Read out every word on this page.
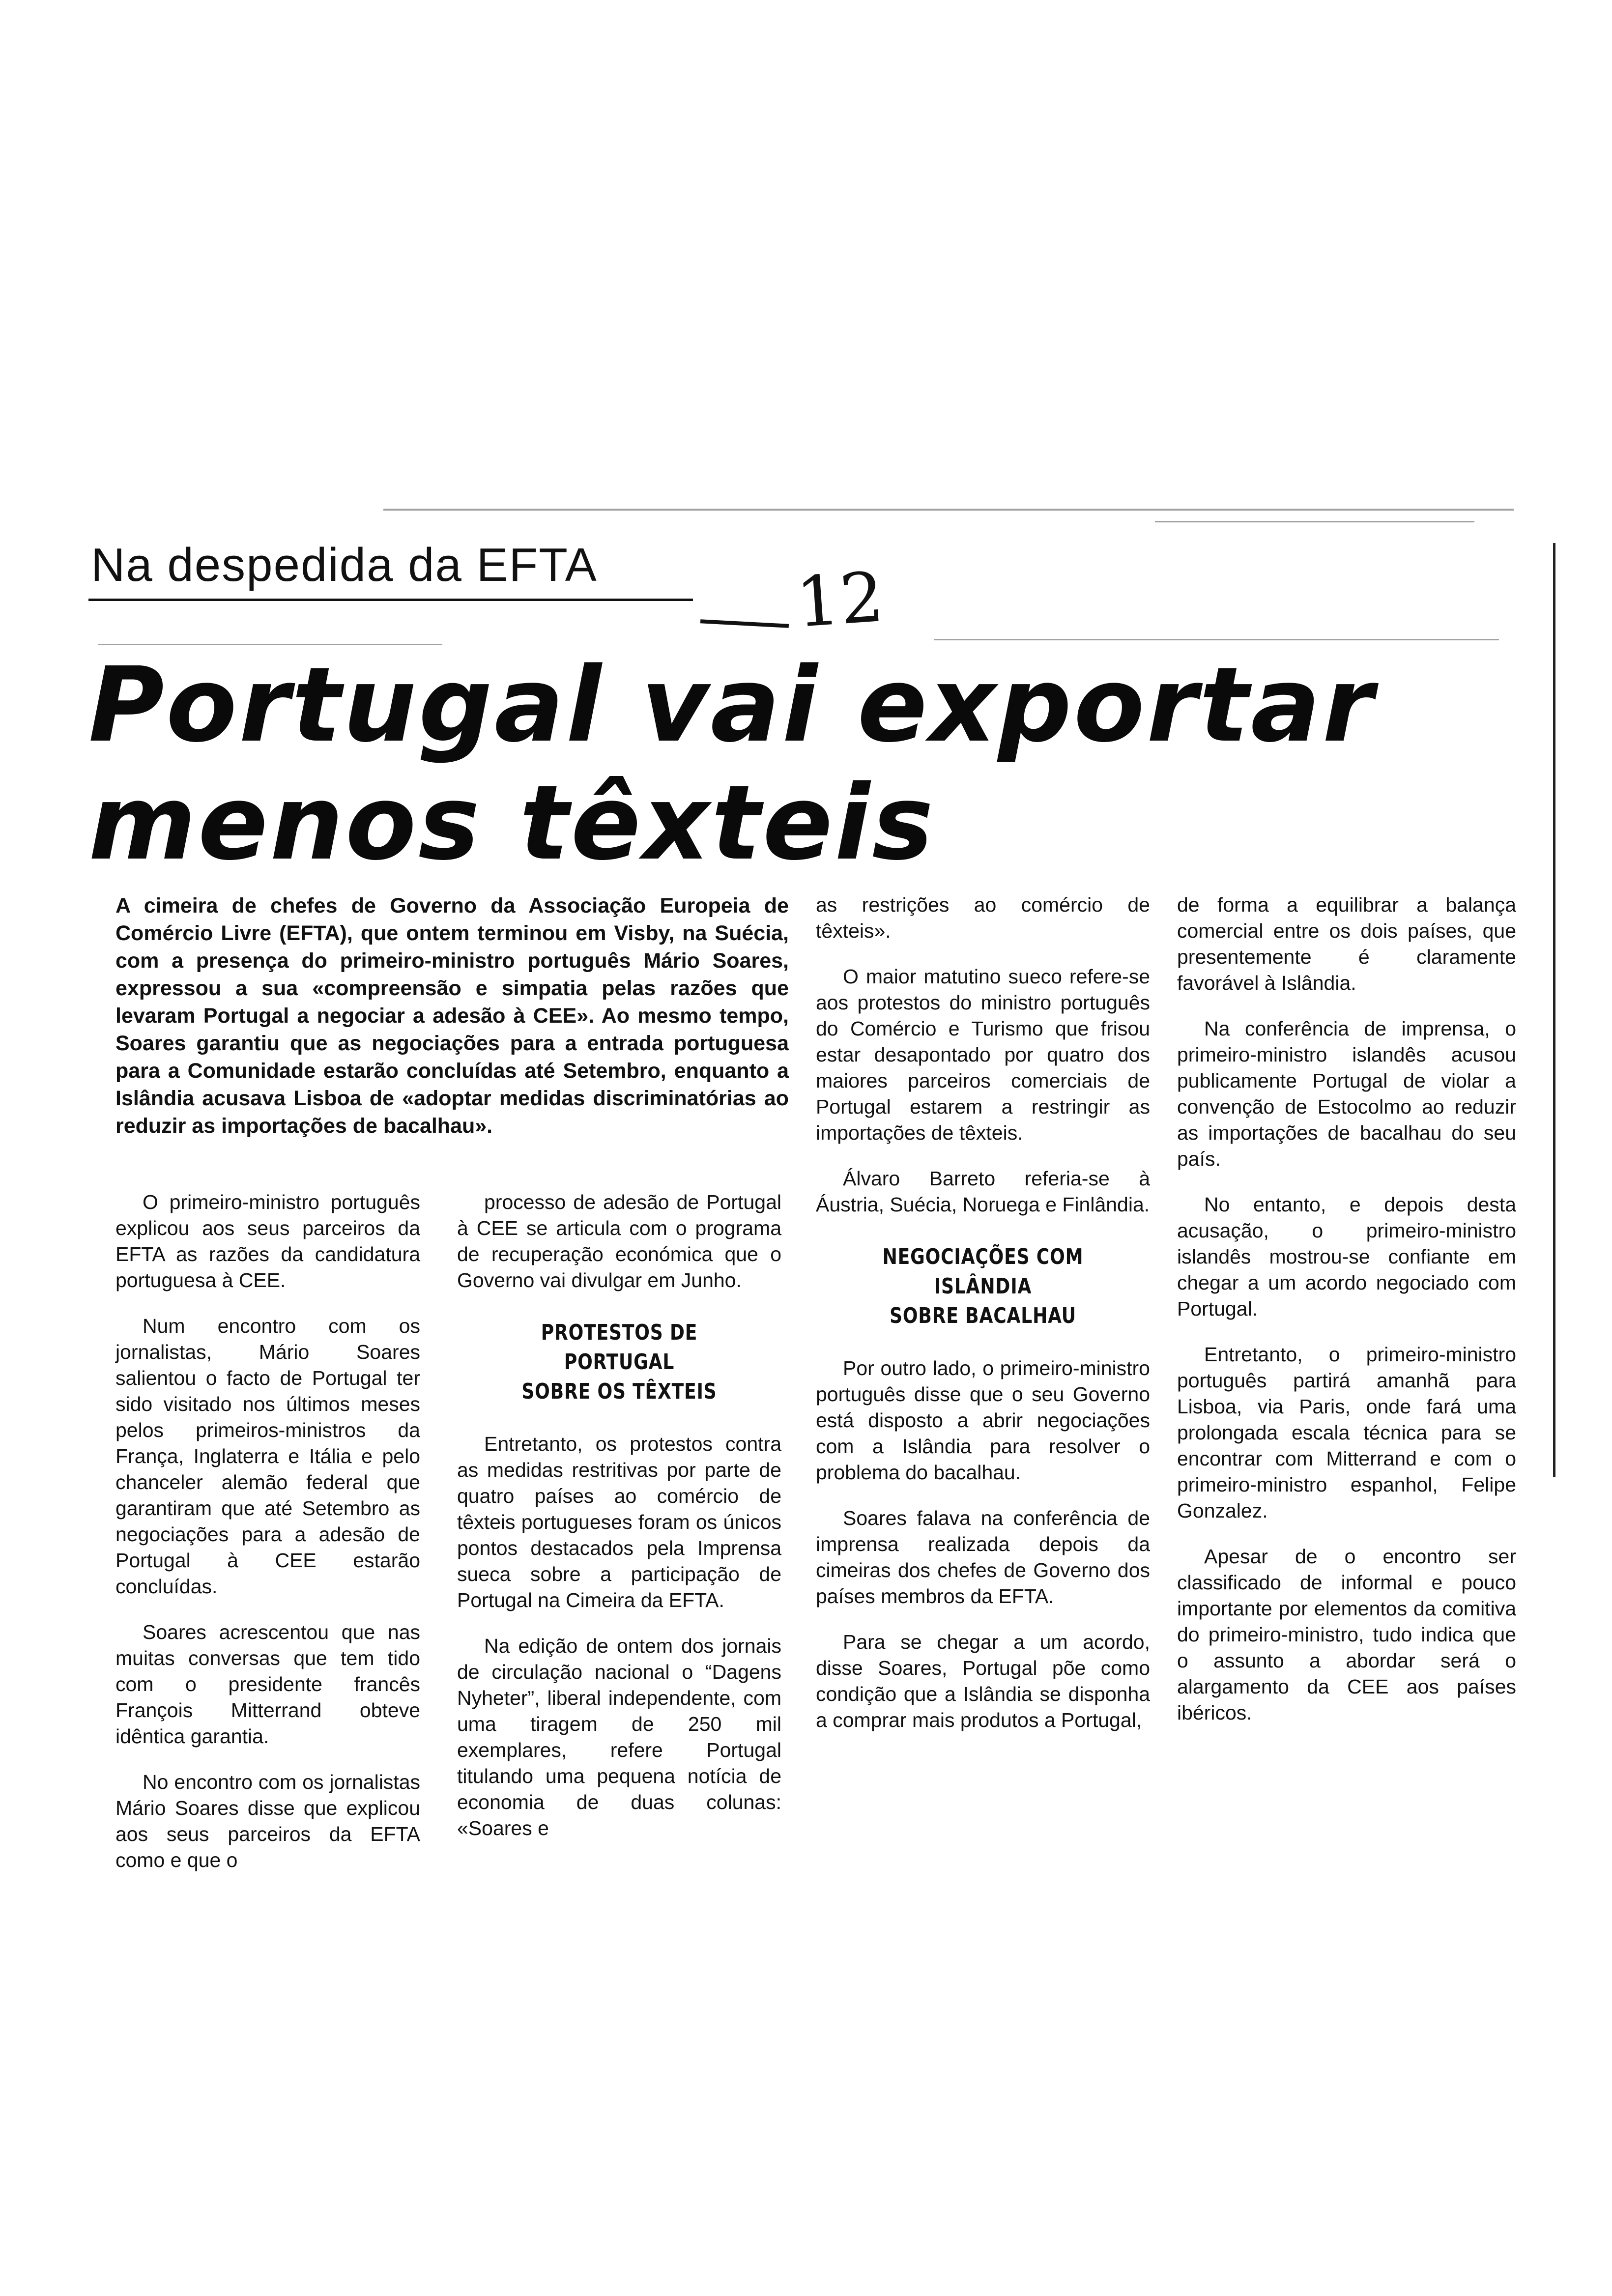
Na despedida da EFTA	12
Portugal vai exportar
menos têxteis
A cimeira de chefes de Governo da Associação Europeia de Comércio Livre (EFTA), que ontem terminou em Visby, na Suécia, com a presença do primeiro-ministro português Mário Soares, expressou a sua «compreensão e simpatia pelas razões que levaram Portugal a negociar a adesão à CEE». Ao mesmo tempo, Soares garantiu que as negociações para a entrada portuguesa para a Comunidade estarão concluídas até Setembro, enquanto a Islândia acusava Lisboa de «adoptar medidas discriminatórias ao reduzir as importações de bacalhau».

O primeiro-ministro português explicou aos seus parceiros da EFTA as razões da candidatura portuguesa à CEE.

Num encontro com os jornalistas, Mário Soares salientou o facto de Portugal ter sido visitado nos últimos meses pelos primeiros-ministros da França, Inglaterra e Itália e pelo chanceler alemão federal que garantiram que até Setembro as negociações para a adesão de Portugal à CEE estarão concluídas.

Soares acrescentou que nas muitas conversas que tem tido com o presidente francês François Mitterrand obteve idêntica garantia.

No encontro com os jornalistas Mário Soares disse que explicou aos seus parceiros da EFTA como e que o

processo de adesão de Portugal à CEE se articula com o programa de recuperação económica que o Governo vai divulgar em Junho.

PROTESTOS DE PORTUGAL
SOBRE OS TÊXTEIS

Entretanto, os protestos contra as medidas restritivas por parte de quatro países ao comércio de têxteis portugueses foram os únicos pontos destacados pela Imprensa sueca sobre a participação de Portugal na Cimeira da EFTA.

Na edição de ontem dos jornais de circulação nacional o “Dagens Nyheter”, liberal independente, com uma tiragem de 250 mil exemplares, refere Portugal titulando uma pequena notícia de economia de duas colunas: «Soares e

as restrições ao comércio de têxteis».

O maior matutino sueco refere-se aos protestos do ministro português do Comércio e Turismo que frisou estar desapontado por quatro dos maiores parceiros comerciais de Portugal estarem a restringir as importações de têxteis.

Álvaro Barreto referia-se à Áustria, Suécia, Noruega e Finlândia.

NEGOCIAÇÕES COM ISLÂNDIA
SOBRE BACALHAU

Por outro lado, o primeiro-ministro português disse que o seu Governo está disposto a abrir negociações com a Islândia para resolver o problema do bacalhau.

Soares falava na conferência de imprensa realizada depois da cimeiras dos chefes de Governo dos países membros da EFTA.

Para se chegar a um acordo, disse Soares, Portugal põe como condição que a Islândia se disponha a comprar mais produtos a Portugal,

de forma a equilibrar a balança comercial entre os dois países, que presentemente é claramente favorável à Islândia.

Na conferência de imprensa, o primeiro-ministro islandês acusou publicamente Portugal de violar a convenção de Estocolmo ao reduzir as importações de bacalhau do seu país.

No entanto, e depois desta acusação, o primeiro-ministro islandês mostrou-se confiante em chegar a um acordo negociado com Portugal.

Entretanto, o primeiro-ministro português partirá amanhã para Lisboa, via Paris, onde fará uma prolongada escala técnica para se encontrar com Mitterrand e com o primeiro-ministro espanhol, Felipe Gonzalez.

Apesar de o encontro ser classificado de informal e pouco importante por elementos da comitiva do primeiro-ministro, tudo indica que o assunto a abordar será o alargamento da CEE aos países ibéricos.
